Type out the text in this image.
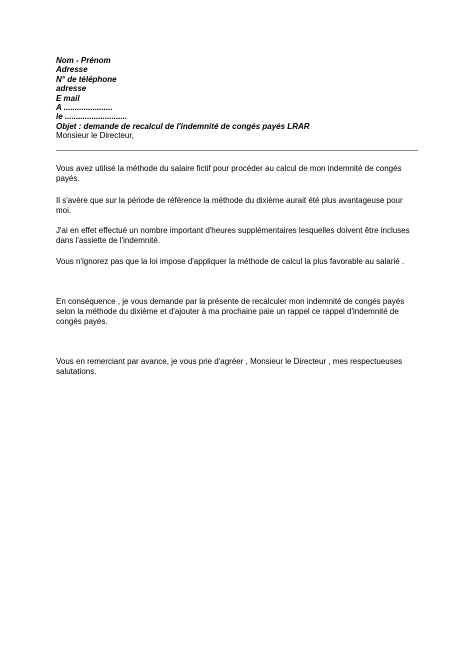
Nom - Prénom
Adresse
N° de téléphone
adresse
E mail
A ......................
le ............................
Objet : demande de recalcul de l'indemnité de congés payés LRAR
Monsieur le Directeur,
Vous avez utilisé la méthode du salaire fictif pour procéder au calcul de mon indemnité de congés
payés.
Il s'avère que sur la période de référence la méthode du dixième aurait été plus avantageuse pour
moi.
J'ai en effet effectué un nombre important d'heures supplémentaires lesquelles doivent être incluses
dans l'assiette de l'indemnité.
Vous n'ignorez pas que la loi impose d'appliquer la méthode de calcul la plus favorable au salarié .
En conséquence , je vous demande par la présente de recalculer mon indemnité de congés payés
selon la méthode du dixième et d'ajouter à ma prochaine paie un rappel ce rappel d'indemnité de
congés payés.
Vous en remerciant par avance, je vous prie d'agréer , Monsieur le Directeur , mes respectueuses
salutations.
